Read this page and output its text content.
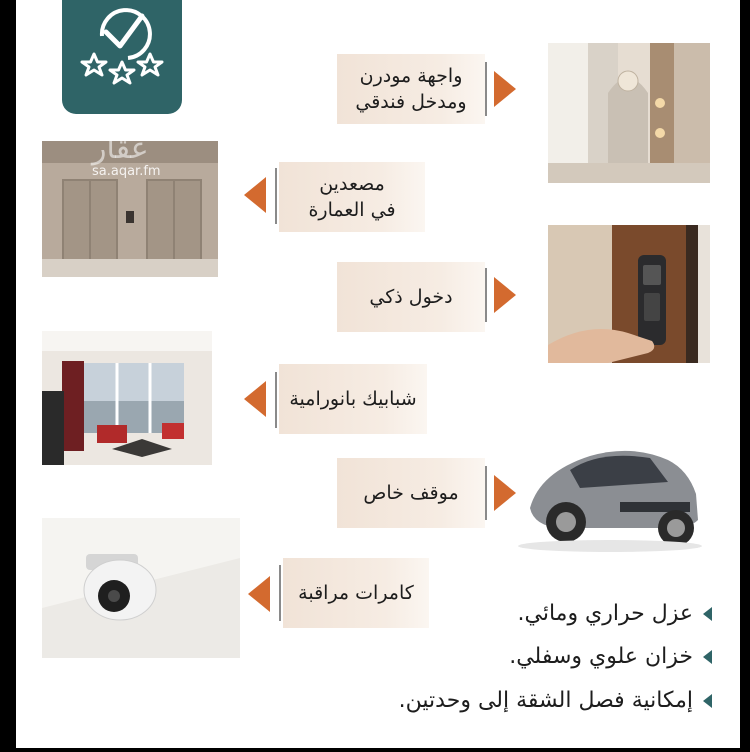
واجهة مودرن
ومدخل فندقي
عقار
sa.aqar.fm
مصعدين
في العمارة
دخول ذكي
شبابيك بانورامية
موقف خاص
كامرات مراقبة
عزل حراري ومائي.
خزان علوي وسفلي.
إمكانية فصل الشقة إلى وحدتين.
